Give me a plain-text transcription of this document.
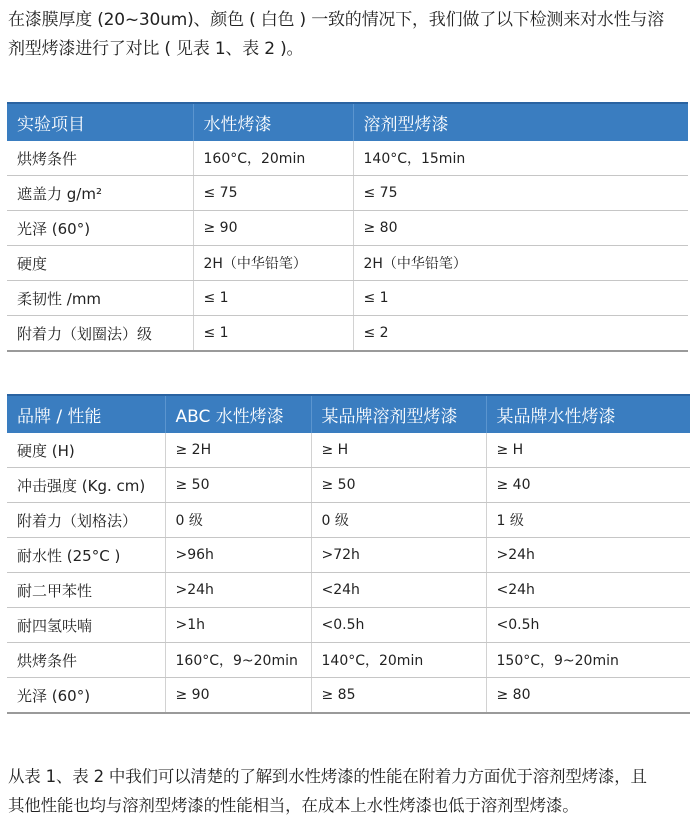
在漆膜厚度 (20~30um)、颜色 ( 白色 ) 一致的情况下，我们做了以下检测来对水性与溶
剂型烤漆进行了对比 ( 见表 1、表 2 )。
实验项目	水性烤漆	溶剂型烤漆
烘烤条件	160°C，20min	140°C，15min
遮盖力 g/m²	≤ 75	≤ 75
光泽 (60°)	≥ 90	≥ 80
硬度	2H（中华铅笔）	2H（中华铅笔）
柔韧性 /mm	≤ 1	≤ 1
附着力（划圈法）级	≤ 1	≤ 2
品牌 / 性能	ABC 水性烤漆	某品牌溶剂型烤漆	某品牌水性烤漆
硬度 (H)	≥ 2H	≥ H	≥ H
冲击强度 (Kg. cm)	≥ 50	≥ 50	≥ 40
附着力（划格法）	0 级	0 级	1 级
耐水性 (25°C )	>96h	>72h	>24h
耐二甲苯性	>24h	<24h	<24h
耐四氢呋喃	>1h	<0.5h	<0.5h
烘烤条件	160°C，9~20min	140°C，20min	150°C，9~20min
光泽 (60°)	≥ 90	≥ 85	≥ 80
从表 1、表 2 中我们可以清楚的了解到水性烤漆的性能在附着力方面优于溶剂型烤漆，且
其他性能也均与溶剂型烤漆的性能相当，在成本上水性烤漆也低于溶剂型烤漆。
